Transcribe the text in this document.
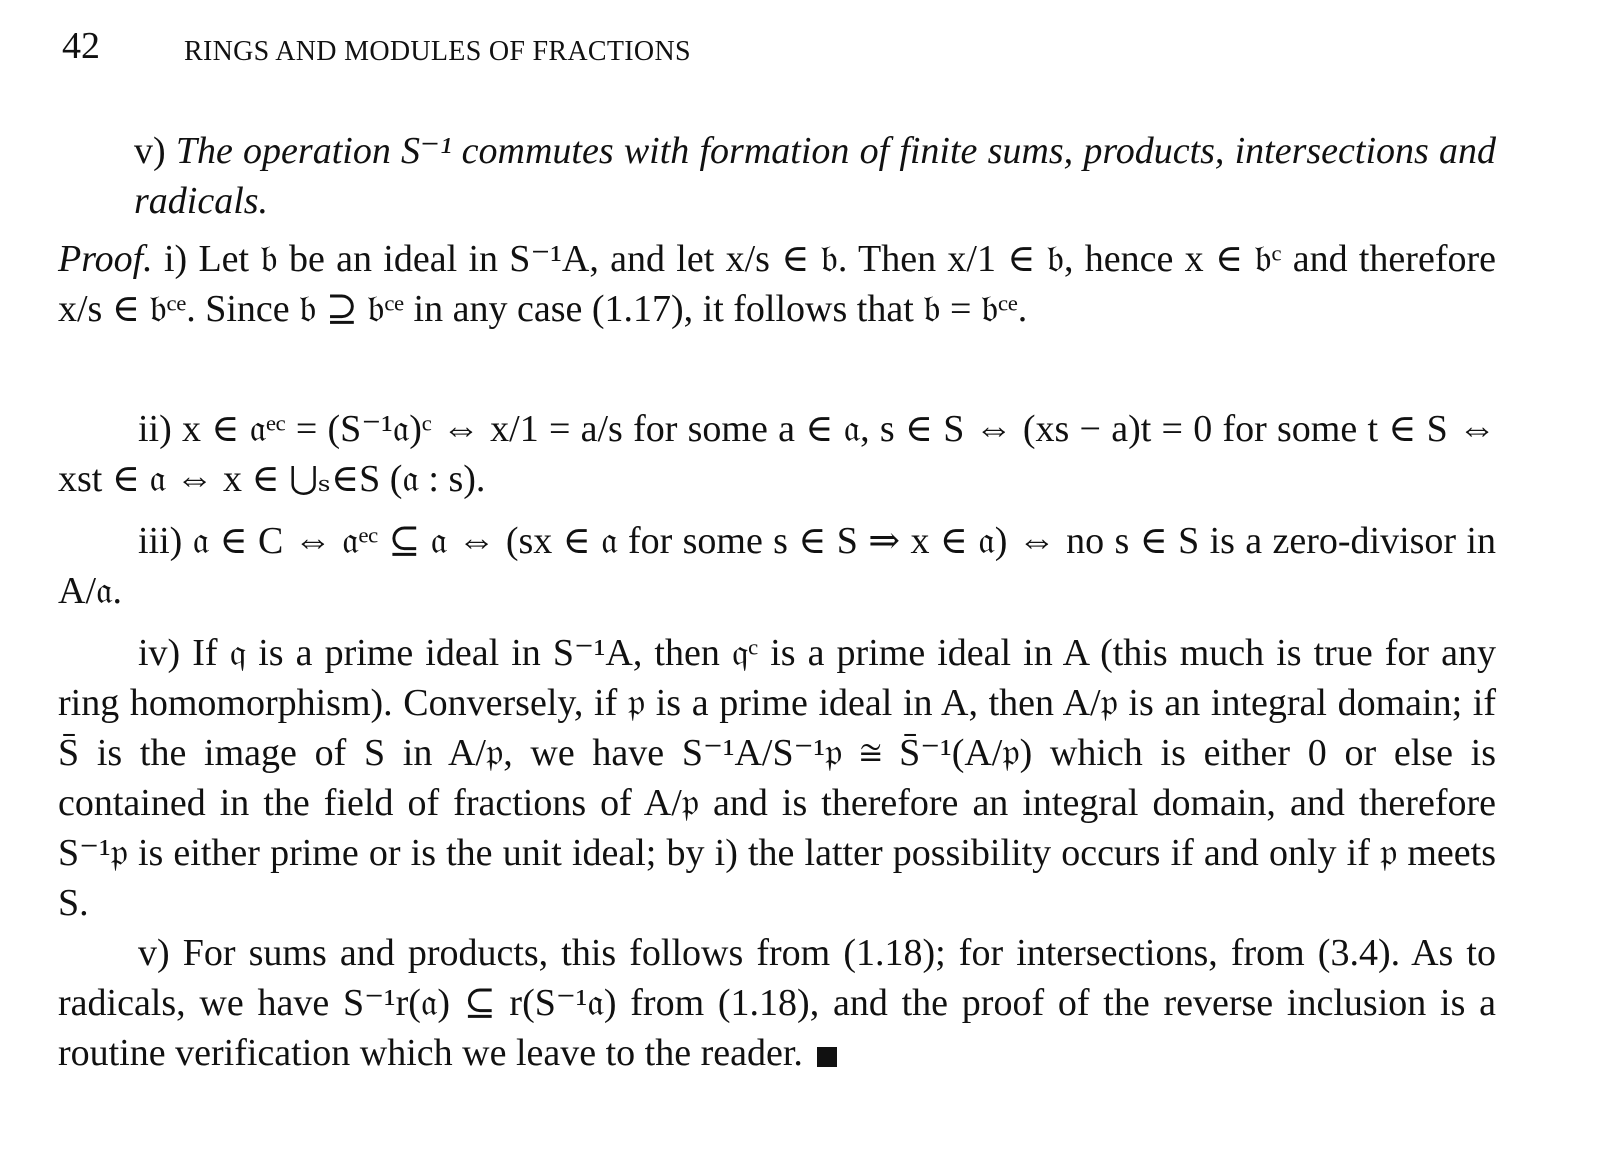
42	RINGS AND MODULES OF FRACTIONS
v) The operation S⁻¹ commutes with formation of finite sums, products, intersections and radicals.
Proof. i) Let 𝔟 be an ideal in S⁻¹A, and let x/s ∈ 𝔟. Then x/1 ∈ 𝔟, hence x ∈ 𝔟ᶜ and therefore x/s ∈ 𝔟ᶜᵉ. Since 𝔟 ⊇ 𝔟ᶜᵉ in any case (1.17), it follows that 𝔟 = 𝔟ᶜᵉ.
ii) x ∈ 𝔞ᵉᶜ = (S⁻¹𝔞)ᶜ ⇔ x/1 = a/s for some a ∈ 𝔞, s ∈ S ⇔ (xs − a)t = 0 for some t ∈ S ⇔ xst ∈ 𝔞 ⇔ x ∈ ⋃ₛ∈S (𝔞 : s).
iii) 𝔞 ∈ C ⇔ 𝔞ᵉᶜ ⊆ 𝔞 ⇔ (sx ∈ 𝔞 for some s ∈ S ⇒ x ∈ 𝔞) ⇔ no s ∈ S is a zero-divisor in A/𝔞.
iv) If 𝔮 is a prime ideal in S⁻¹A, then 𝔮ᶜ is a prime ideal in A (this much is true for any ring homomorphism). Conversely, if 𝔭 is a prime ideal in A, then A/𝔭 is an integral domain; if S̄ is the image of S in A/𝔭, we have S⁻¹A/S⁻¹𝔭 ≅ S̄⁻¹(A/𝔭) which is either 0 or else is contained in the field of fractions of A/𝔭 and is therefore an integral domain, and therefore S⁻¹𝔭 is either prime or is the unit ideal; by i) the latter possibility occurs if and only if 𝔭 meets S.
v) For sums and products, this follows from (1.18); for intersections, from (3.4). As to radicals, we have S⁻¹r(𝔞) ⊆ r(S⁻¹𝔞) from (1.18), and the proof of the reverse inclusion is a routine verification which we leave to the reader.
